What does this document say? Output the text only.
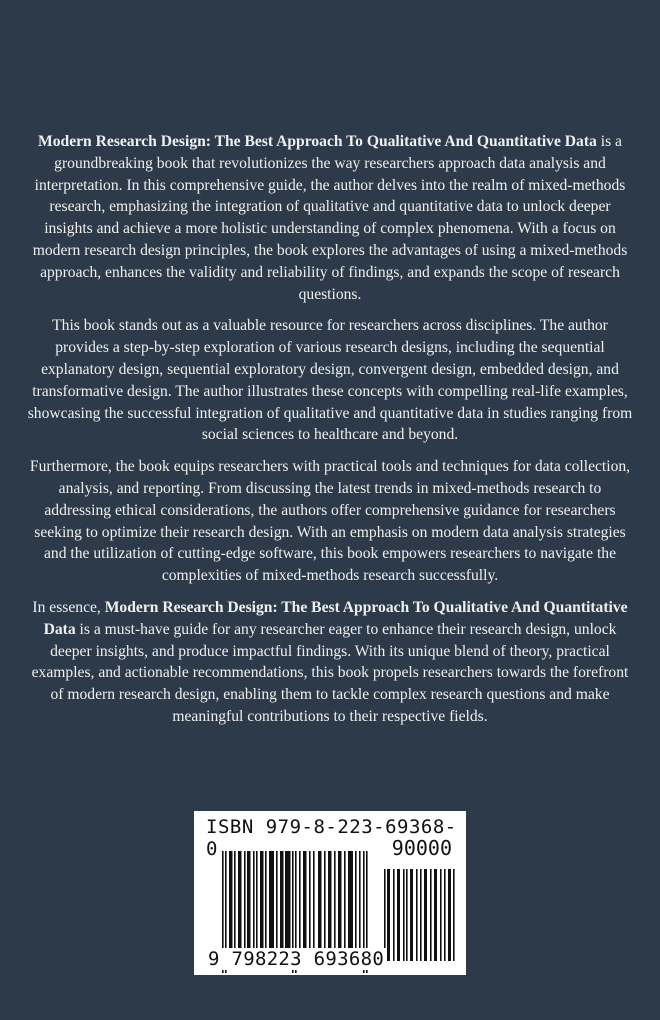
Modern Research Design: The Best Approach To Qualitative And Quantitative Data is a groundbreaking book that revolutionizes the way researchers approach data analysis and interpretation. In this comprehensive guide, the author delves into the realm of mixed-methods research, emphasizing the integration of qualitative and quantitative data to unlock deeper insights and achieve a more holistic understanding of complex phenomena. With a focus on modern research design principles, the book explores the advantages of using a mixed-methods approach, enhances the validity and reliability of findings, and expands the scope of research questions.

This book stands out as a valuable resource for researchers across disciplines. The author provides a step-by-step exploration of various research designs, including the sequential explanatory design, sequential exploratory design, convergent design, embedded design, and transformative design. The author illustrates these concepts with compelling real-life examples, showcasing the successful integration of qualitative and quantitative data in studies ranging from social sciences to healthcare and beyond.

Furthermore, the book equips researchers with practical tools and techniques for data collection, analysis, and reporting. From discussing the latest trends in mixed-methods research to addressing ethical considerations, the authors offer comprehensive guidance for researchers seeking to optimize their research design. With an emphasis on modern data analysis strategies and the utilization of cutting-edge software, this book empowers researchers to navigate the complexities of mixed-methods research successfully.

In essence, Modern Research Design: The Best Approach To Qualitative And Quantitative Data is a must-have guide for any researcher eager to enhance their research design, unlock deeper insights, and produce impactful findings. With its unique blend of theory, practical examples, and actionable recommendations, this book propels researchers towards the forefront of modern research design, enabling them to tackle complex research questions and make meaningful contributions to their respective fields.

ISBN 979-8-223-69368-0	90000
9 798223 693680
